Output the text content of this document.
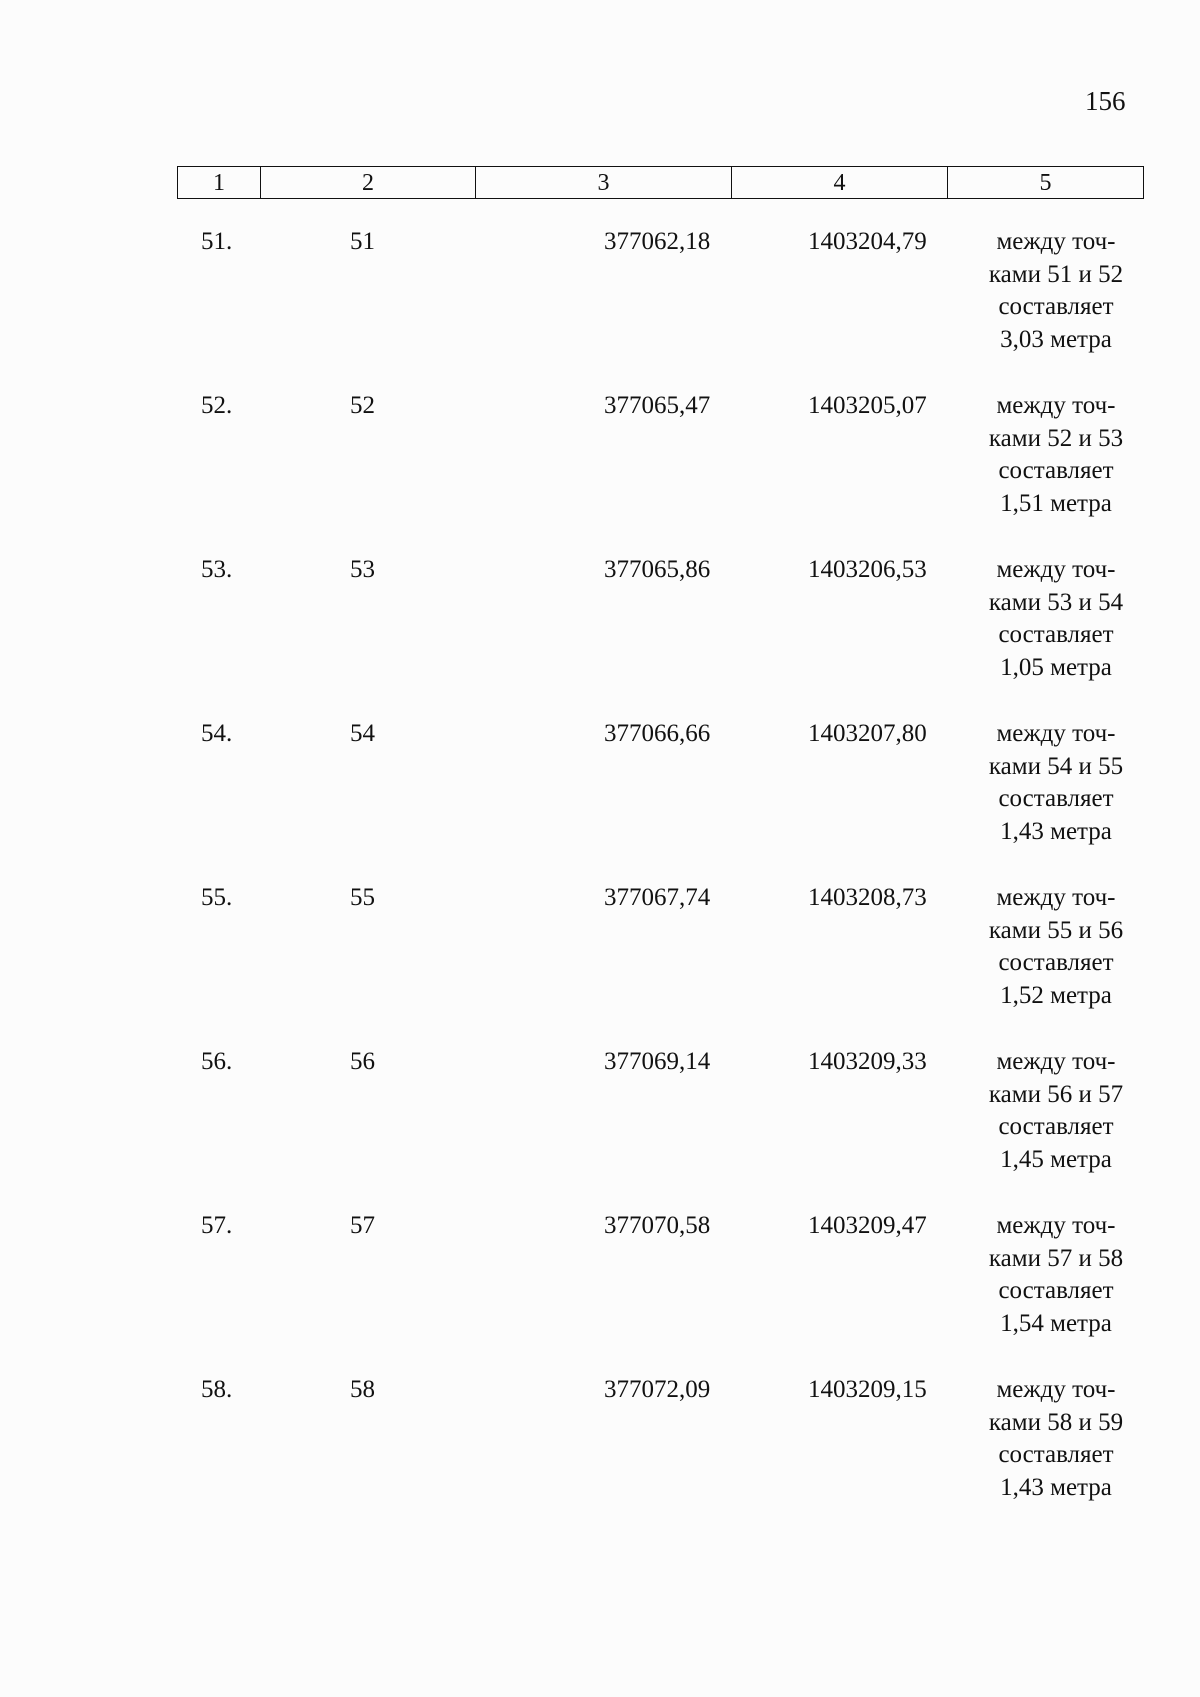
156
1	2	3	4	5
51.	51	377062,18	1403204,79	между точ-
ками 51 и 52
составляет
3,03 метра
52.	52	377065,47	1403205,07	между точ-
ками 52 и 53
составляет
1,51 метра
53.	53	377065,86	1403206,53	между точ-
ками 53 и 54
составляет
1,05 метра
54.	54	377066,66	1403207,80	между точ-
ками 54 и 55
составляет
1,43 метра
55.	55	377067,74	1403208,73	между точ-
ками 55 и 56
составляет
1,52 метра
56.	56	377069,14	1403209,33	между точ-
ками 56 и 57
составляет
1,45 метра
57.	57	377070,58	1403209,47	между точ-
ками 57 и 58
составляет
1,54 метра
58.	58	377072,09	1403209,15	между точ-
ками 58 и 59
составляет
1,43 метра
